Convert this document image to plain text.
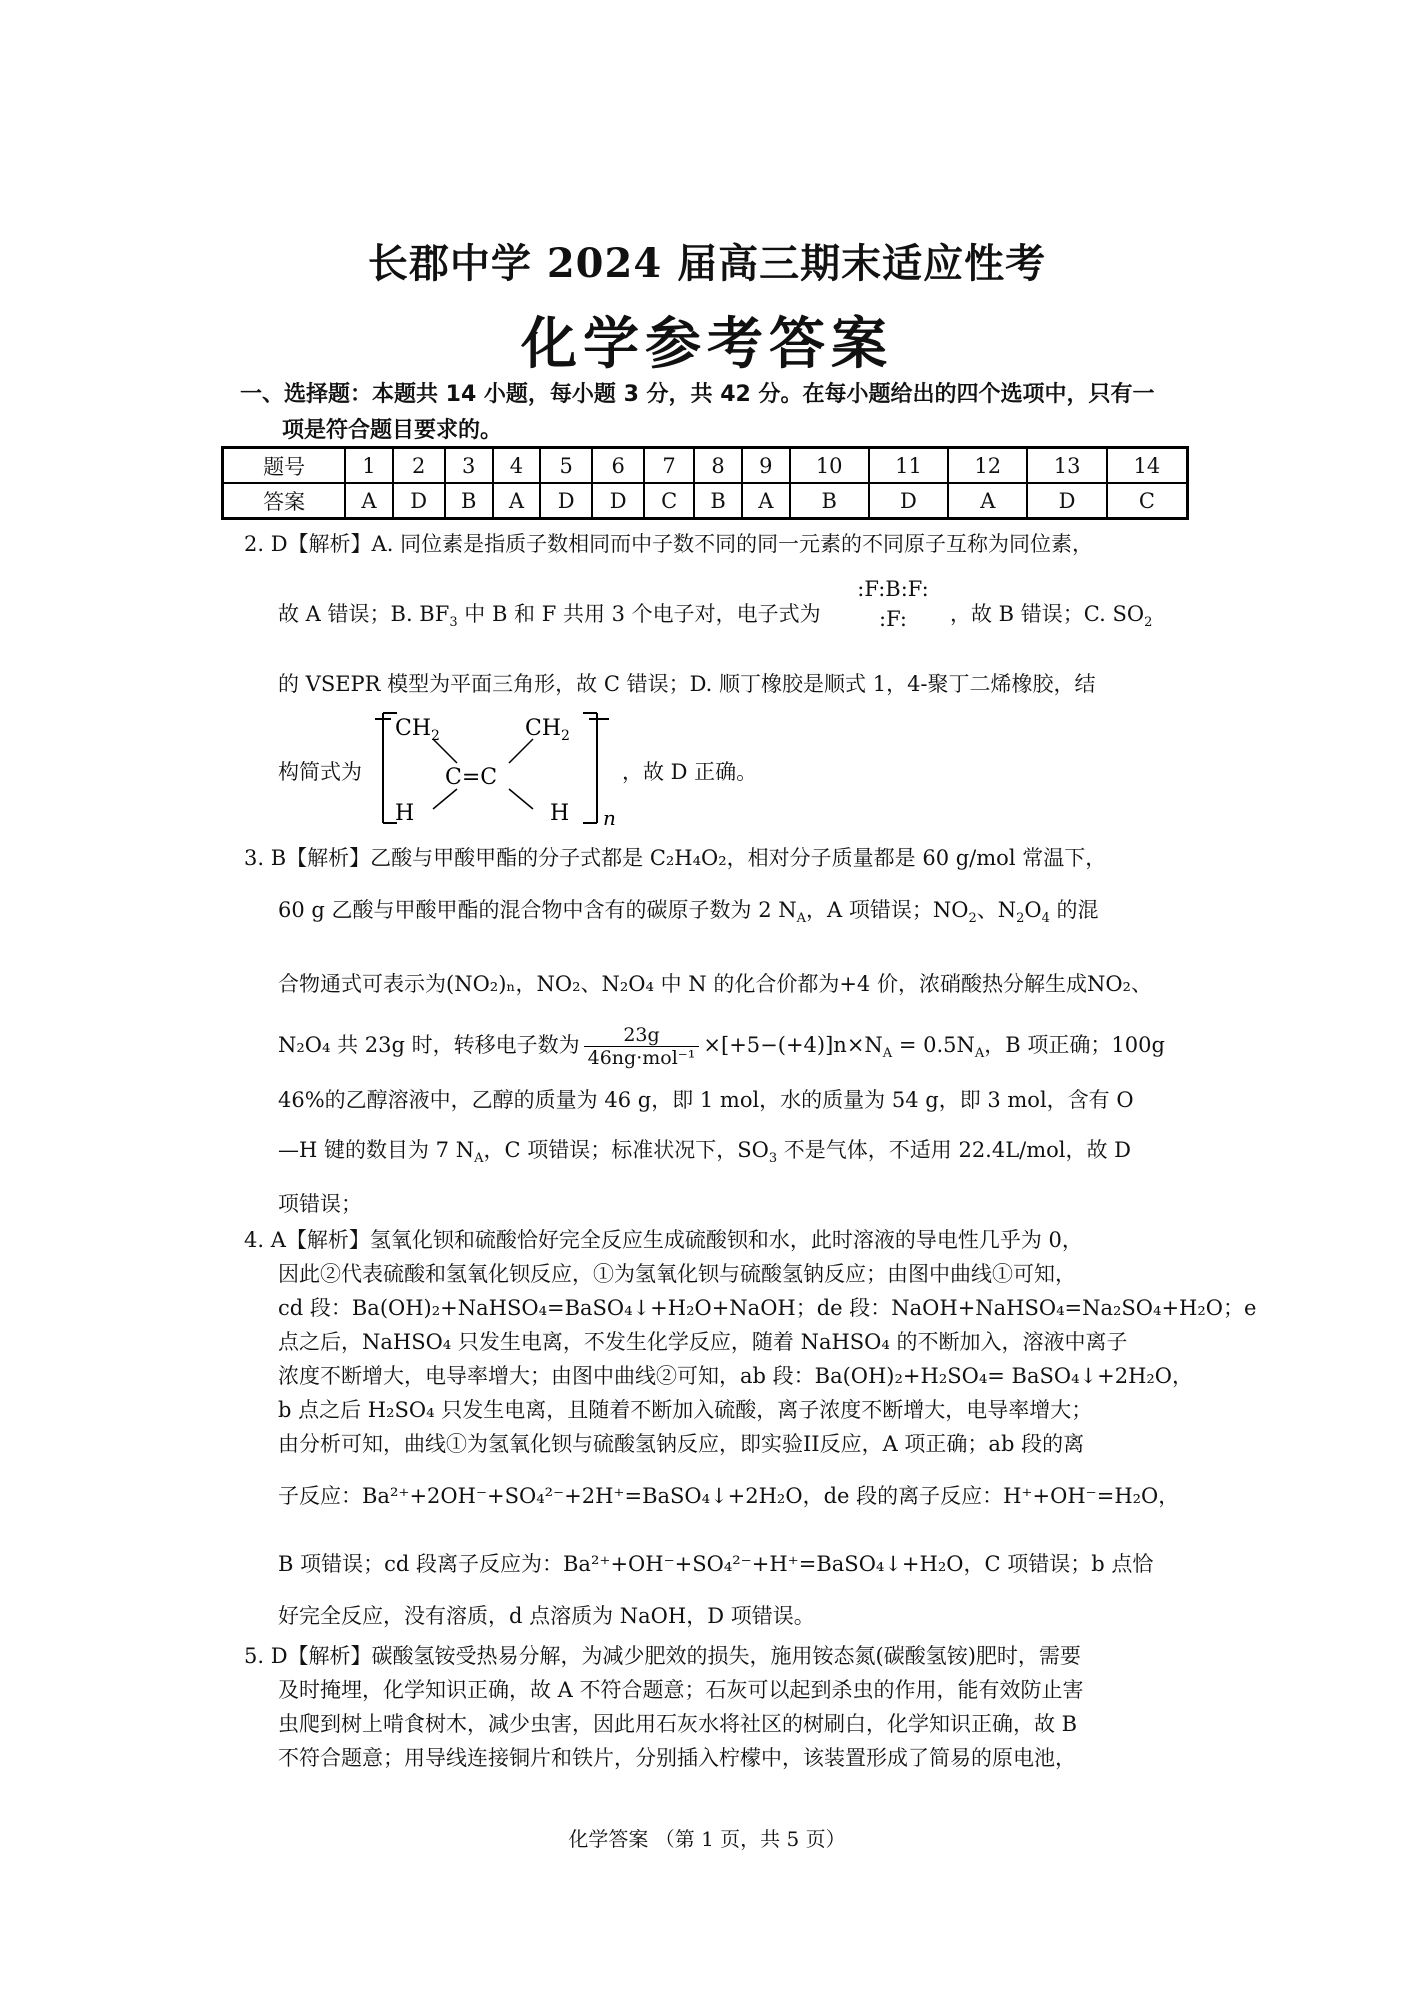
长郡中学 2024 届高三期末适应性考
化学参考答案
一、选择题：本题共 14 小题，每小题 3 分，共 42 分。在每小题给出的四个选项中，只有一
项是符合题目要求的。
题号	1	2	3	4	5	6	7	8	9	10	11	12	13	14
答案	A	D	B	A	D	D	C	B	A	B	D	A	D	C
2. D【解析】A. 同位素是指质子数相同而中子数不同的同一元素的不同原子互称为同位素，
故 A 错误；B. $BF_3$ 中 B 和 F 共用 3 个电子对，电子式为
:F:B:F:
:F:	，故 B 错误；C. $SO_2$
的 VSEPR 模型为平面三角形，故 C 错误；D. 顺丁橡胶是顺式 1，4-聚丁二烯橡胶，结
构简式为
$CH_2$	$CH_2$
C=C
H	H n
，故 D 正确。
3. B【解析】乙酸与甲酸甲酯的分子式都是 C₂H₄O₂，相对分子质量都是 60 g/mol 常温下，
60 g 乙酸与甲酸甲酯的混合物中含有的碳原子数为 2 $N_A$，A 项错误；$NO_2$、$N_2O_4$ 的混
合物通式可表示为(NO₂)ₙ，NO₂、N₂O₄ 中 N 的化合价都为+4 价，浓硝酸热分解生成NO₂、
N₂O₄ 共 23g 时，转移电子数为 $\frac{23g}{\text{46ng·mol⁻¹}} \times[+5-(+4)]n\times N_A = 0.5N_A$，B 项正确；100g
46%的乙醇溶液中，乙醇的质量为 46 g，即 1 mol，水的质量为 54 g，即 3 mol，含有 O
—H 键的数目为 7 $N_A$，C 项错误；标准状况下，$SO_3$ 不是气体，不适用 22.4L/mol，故 D
项错误；
4. A【解析】氢氧化钡和硫酸恰好完全反应生成硫酸钡和水，此时溶液的导电性几乎为 0，
因此②代表硫酸和氢氧化钡反应，①为氢氧化钡与硫酸氢钠反应；由图中曲线①可知，
cd 段：Ba(OH)₂+NaHSO₄=BaSO₄↓+H₂O+NaOH；de 段：NaOH+NaHSO₄=Na₂SO₄+H₂O；e
点之后，NaHSO₄ 只发生电离，不发生化学反应，随着 NaHSO₄ 的不断加入，溶液中离子
浓度不断增大，电导率增大；由图中曲线②可知，ab 段：Ba(OH)₂+H₂SO₄= BaSO₄↓+2H₂O，
b 点之后 H₂SO₄ 只发生电离，且随着不断加入硫酸，离子浓度不断增大，电导率增大；
由分析可知，曲线①为氢氧化钡与硫酸氢钠反应，即实验II反应，A 项正确；ab 段的离
子反应：Ba²⁺+2OH⁻+SO₄²⁻+2H⁺=BaSO₄↓+2H₂O，de 段的离子反应：H⁺+OH⁻=H₂O，
B 项错误；cd 段离子反应为：Ba²⁺+OH⁻+SO₄²⁻+H⁺=BaSO₄↓+H₂O，C 项错误；b 点恰
好完全反应，没有溶质，d 点溶质为 NaOH，D 项错误。
5. D【解析】碳酸氢铵受热易分解，为减少肥效的损失，施用铵态氮(碳酸氢铵)肥时，需要
及时掩埋，化学知识正确，故 A 不符合题意；石灰可以起到杀虫的作用，能有效防止害
虫爬到树上啃食树木，减少虫害，因此用石灰水将社区的树刷白，化学知识正确，故 B
不符合题意；用导线连接铜片和铁片，分别插入柠檬中，该装置形成了简易的原电池，
化学答案 （第 1 页，共 5 页）
